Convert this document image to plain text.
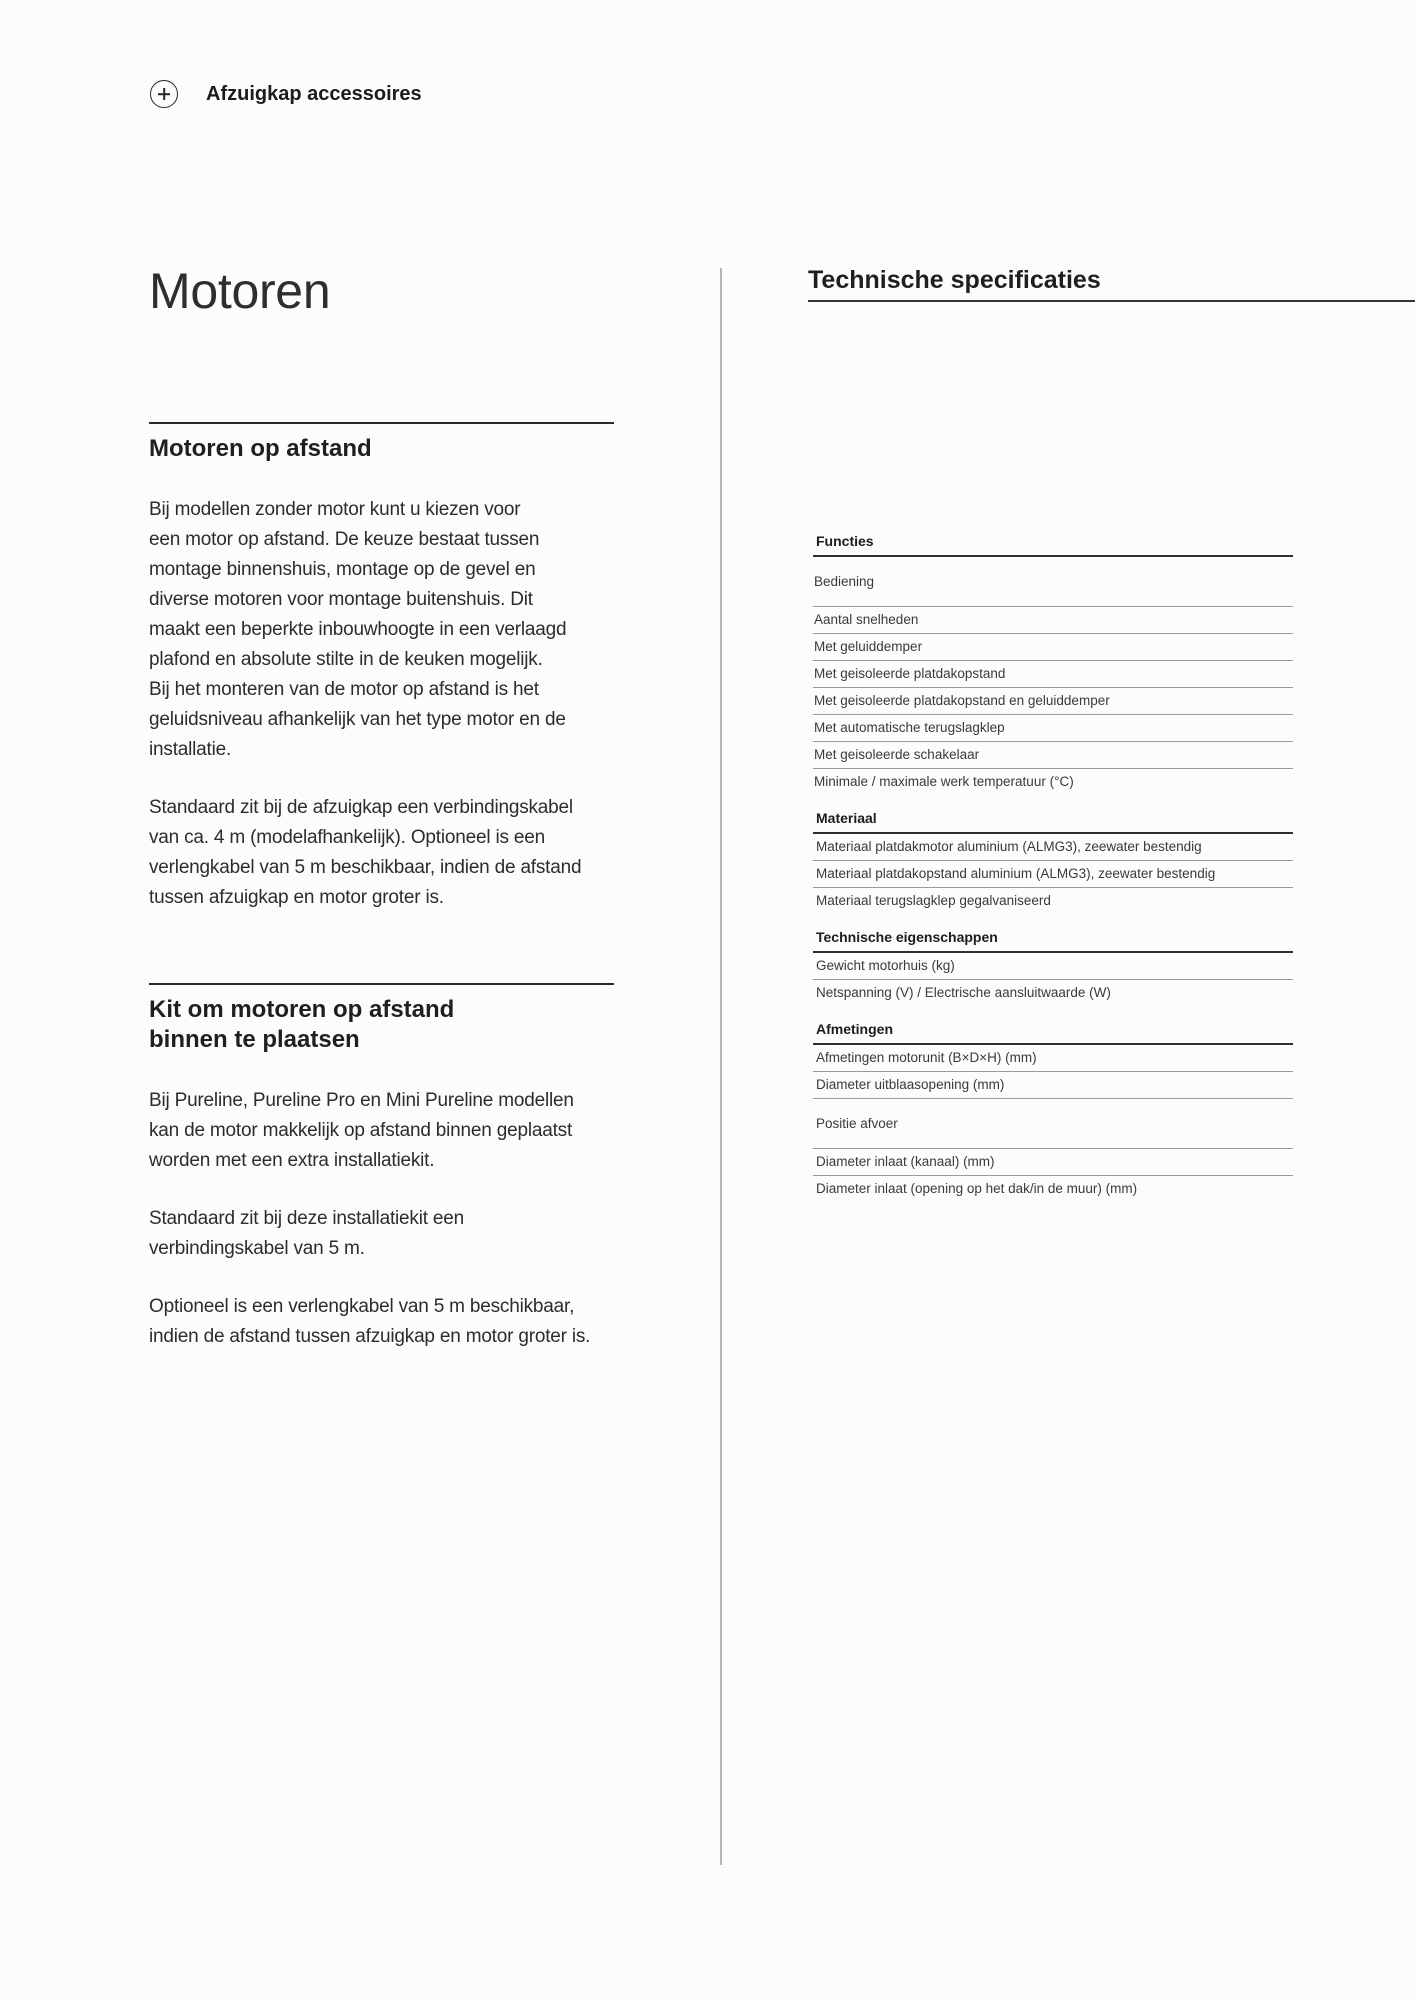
Afzuigkap accessoires
Motoren
Motoren op afstand

Bij modellen zonder motor kunt u kiezen voor
een motor op afstand. De keuze bestaat tussen
montage binnenshuis, montage op de gevel en
diverse motoren voor montage buitenshuis. Dit
maakt een beperkte inbouwhoogte in een verlaagd
plafond en absolute stilte in de keuken mogelijk.
Bij het monteren van de motor op afstand is het
geluidsniveau afhankelijk van het type motor en de
installatie.

Standaard zit bij de afzuigkap een verbindingskabel
van ca. 4 m (modelafhankelijk). Optioneel is een
verlengkabel van 5 m beschikbaar, indien de afstand
tussen afzuigkap en motor groter is.

Kit om motoren op afstand
binnen te plaatsen

Bij Pureline, Pureline Pro en Mini Pureline modellen
kan de motor makkelijk op afstand binnen geplaatst
worden met een extra installatiekit.

Standaard zit bij deze installatiekit een
verbindingskabel van 5 m.

Optioneel is een verlengkabel van 5 m beschikbaar,
indien de afstand tussen afzuigkap en motor groter is.

Technische specificaties
Functies
Bediening
Aantal snelheden
Met geluiddemper
Met geisoleerde platdakopstand
Met geisoleerde platdakopstand en geluiddemper
Met automatische terugslagklep
Met geisoleerde schakelaar
Minimale / maximale werk temperatuur (°C)
Materiaal
Materiaal platdakmotor aluminium (ALMG3), zeewater bestendig
Materiaal platdakopstand aluminium (ALMG3), zeewater bestendig
Materiaal terugslagklep gegalvaniseerd
Technische eigenschappen
Gewicht motorhuis (kg)
Netspanning (V) / Electrische aansluitwaarde (W)
Afmetingen
Afmetingen motorunit (B×D×H) (mm)
Diameter uitblaasopening (mm)
Positie afvoer
Diameter inlaat (kanaal) (mm)
Diameter inlaat (opening op het dak/in de muur) (mm)
